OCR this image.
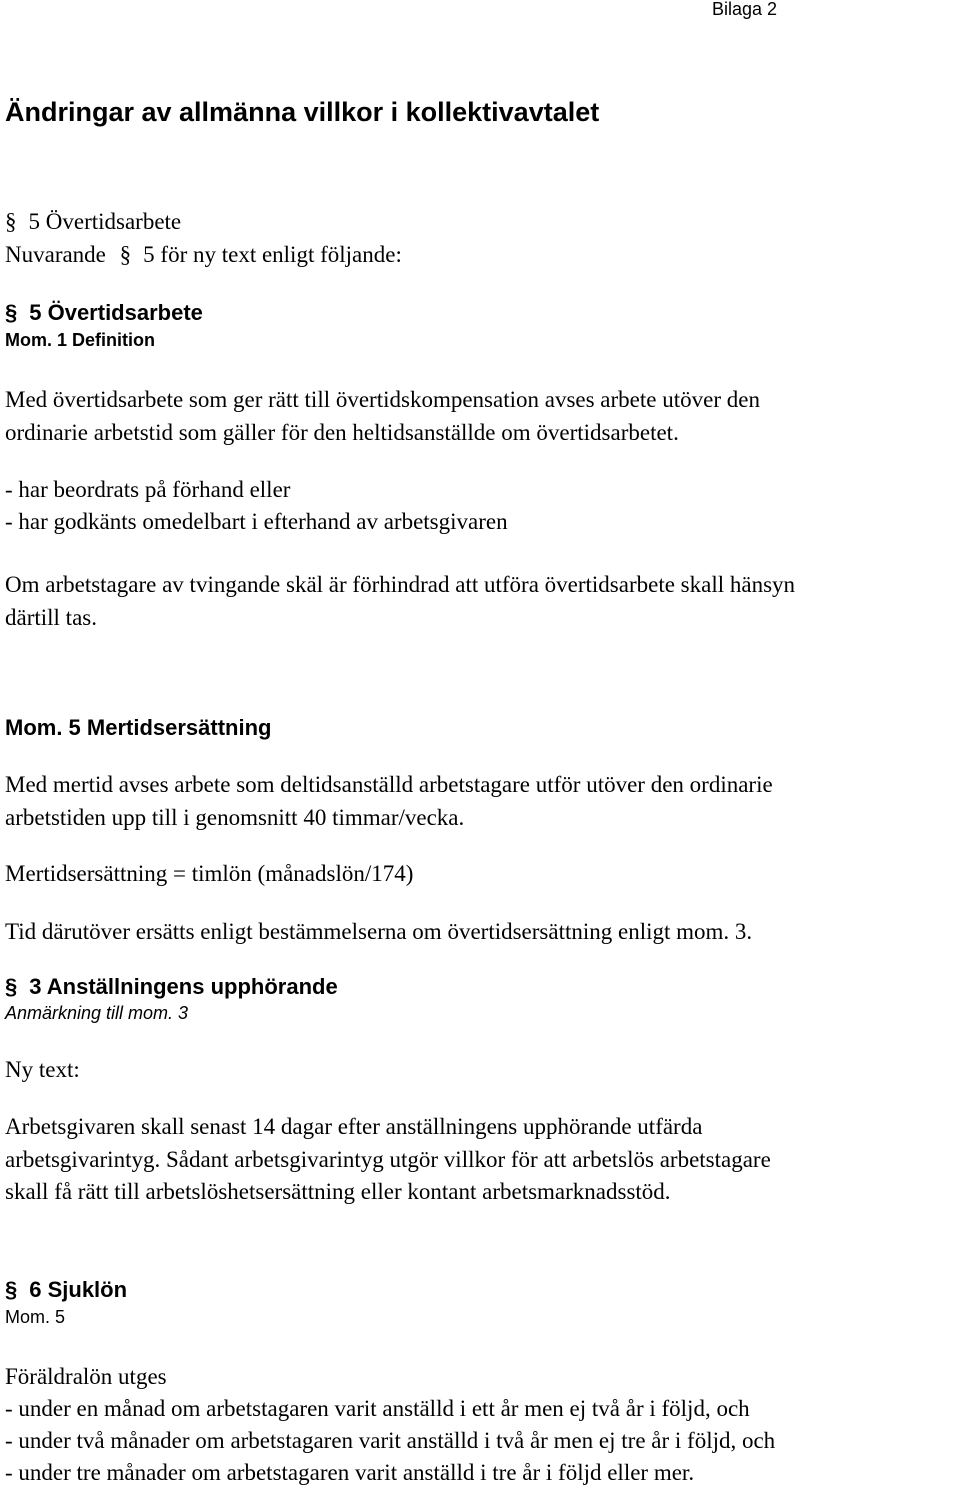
Bilaga 2
Ändringar av allmänna villkor i kollektivavtalet
§ 5 Övertidsarbete
Nuvarande § 5 för ny text enligt följande:
§ 5 Övertidsarbete
Mom. 1 Definition
Med övertidsarbete som ger rätt till övertidskompensation avses arbete utöver den
ordinarie arbetstid som gäller för den heltidsanställde om övertidsarbetet.
- har beordrats på förhand eller
- har godkänts omedelbart i efterhand av arbetsgivaren
Om arbetstagare av tvingande skäl är förhindrad att utföra övertidsarbete skall hänsyn
därtill tas.
Mom. 5 Mertidsersättning
Med mertid avses arbete som deltidsanställd arbetstagare utför utöver den ordinarie
arbetstiden upp till i genomsnitt 40 timmar/vecka.
Mertidsersättning = timlön (månadslön/174)
Tid därutöver ersätts enligt bestämmelserna om övertidsersättning enligt mom. 3.
§ 3 Anställningens upphörande
Anmärkning till mom. 3
Ny text:
Arbetsgivaren skall senast 14 dagar efter anställningens upphörande utfärda
arbetsgivarintyg. Sådant arbetsgivarintyg utgör villkor för att arbetslös arbetstagare
skall få rätt till arbetslöshetsersättning eller kontant arbetsmarknadsstöd.
§ 6 Sjuklön
Mom. 5
Föräldralön utges
- under en månad om arbetstagaren varit anställd i ett år men ej två år i följd, och
- under två månader om arbetstagaren varit anställd i två år men ej tre år i följd, och
- under tre månader om arbetstagaren varit anställd i tre år i följd eller mer.
